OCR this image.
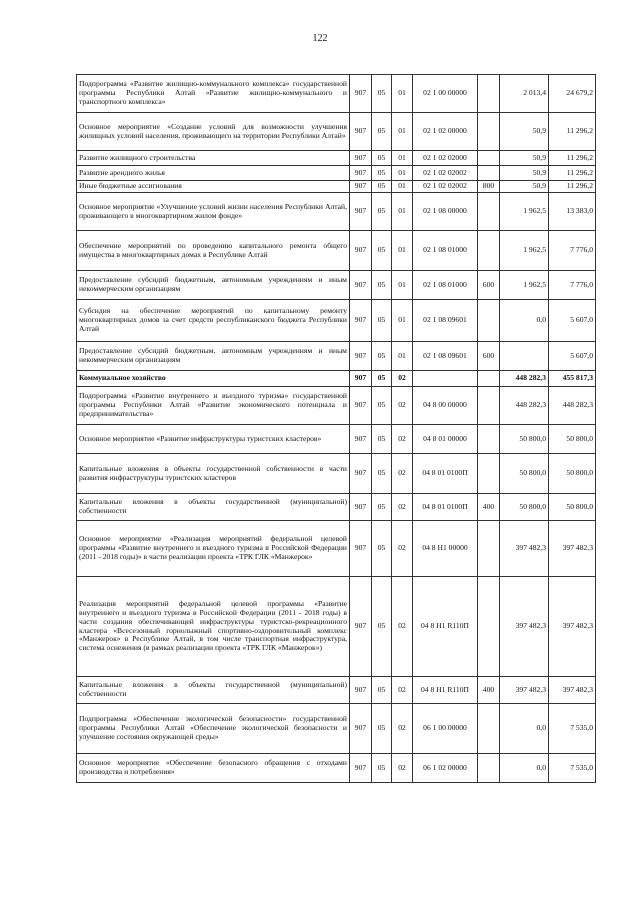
122
Подпрограмма «Развитие жилищно-коммунального комплекса» государственной программы Республики Алтай «Развитие жилищно-коммунального и транспортного комплекса»	907	05	01	02 1 00 00000		2 013,4	24 679,2
Основное мероприятие «Создание условий для возможности улучшения жилищных условий населения, проживающего на территории Республики Алтай»	907	05	01	02 1 02 00000		50,9	11 296,2
Развитие жилищного строительства	907	05	01	02 1 02 02000		50,9	11 296,2
Развитие арендного жилья	907	05	01	02 1 02 02002		50,9	11 296,2
Иные бюджетные ассигнования	907	05	01	02 1 02 02002	800	50,9	11 296,2
Основное мероприятие «Улучшение условий жизни населения Республики Алтай, проживающего в многоквартирном жилом фонде»	907	05	01	02 1 08 00000		1 962,5	13 383,0
Обеспечение мероприятий по проведению капитального ремонта общего имущества в многоквартирных домах в Республике Алтай	907	05	01	02 1 08 01000		1 962,5	7 776,0
Предоставление субсидий бюджетным, автономным учреждениям и иным некоммерческим организациям	907	05	01	02 1 08 01000	600	1 962,5	7 776,0
Субсидия на обеспечение мероприятий по капитальному ремонту многоквартирных домов за счет средств республиканского бюджета Республики Алтай	907	05	01	02 1 08 09601		0,0	5 607,0
Предоставление субсидий бюджетным, автономным учреждениям и иным некоммерческим организациям	907	05	01	02 1 08 09601	600		5 607,0
Коммунальное хозяйство	907	05	02			448 282,3	455 817,3
Подпрограмма «Развитие внутреннего и въездного туризма» государственной программы Республики Алтай «Развитие экономического потенциала и предпринимательства»	907	05	02	04 8 00 00000		448 282,3	448 282,3
Основное мероприятие «Развитие инфраструктуры туристских кластеров»	907	05	02	04 8 01 00000		50 800,0	50 800,0
Капитальные вложения в объекты государственной собственности в части развития инфраструктуры туристских кластеров	907	05	02	04 8 01 0100П		50 800,0	50 800,0
Капитальные вложения в объекты государственной (муниципальной) собственности	907	05	02	04 8 01 0100П	400	50 800,0	50 800,0
Основное мероприятие «Реализация мероприятий федеральной целевой программы «Развитие внутреннего и въездного туризма в Российской Федерации (2011 - 2018 годы)» в части реализации проекта «ТРК ГЛК «Манжерок»	907	05	02	04 8 Н1 00000		397 482,3	397 482,3
Реализация мероприятий федеральной целевой программы «Развитие внутреннего и въездного туризма в Российской Федерации (2011 - 2018 годы) в части создания обеспечивающей инфраструктуры туристско-рекреационного кластера «Всесезонный горнолыжный спортивно-оздоровительный комплекс «Манжерок» в Республике Алтай, в том числе транспортная инфраструктура, система оснежения (в рамках реализации проекта «ТРК ГЛК «Манжерок»)	907	05	02	04 8 Н1 R110П		397 482,3	397 482,3
Капитальные вложения в объекты государственной (муниципальной) собственности	907	05	02	04 8 Н1 R110П	400	397 482,3	397 482,3
Подпрограмма «Обеспечение экологической безопасности» государственной программы Республики Алтай «Обеспечение экологической безопасности и улучшение состояния окружающей среды»	907	05	02	06 1 00 00000		0,0	7 535,0
Основное мероприятие «Обеспечение безопасного обращения с отходами производства и потребления»	907	05	02	06 1 02 00000		0,0	7 535,0
